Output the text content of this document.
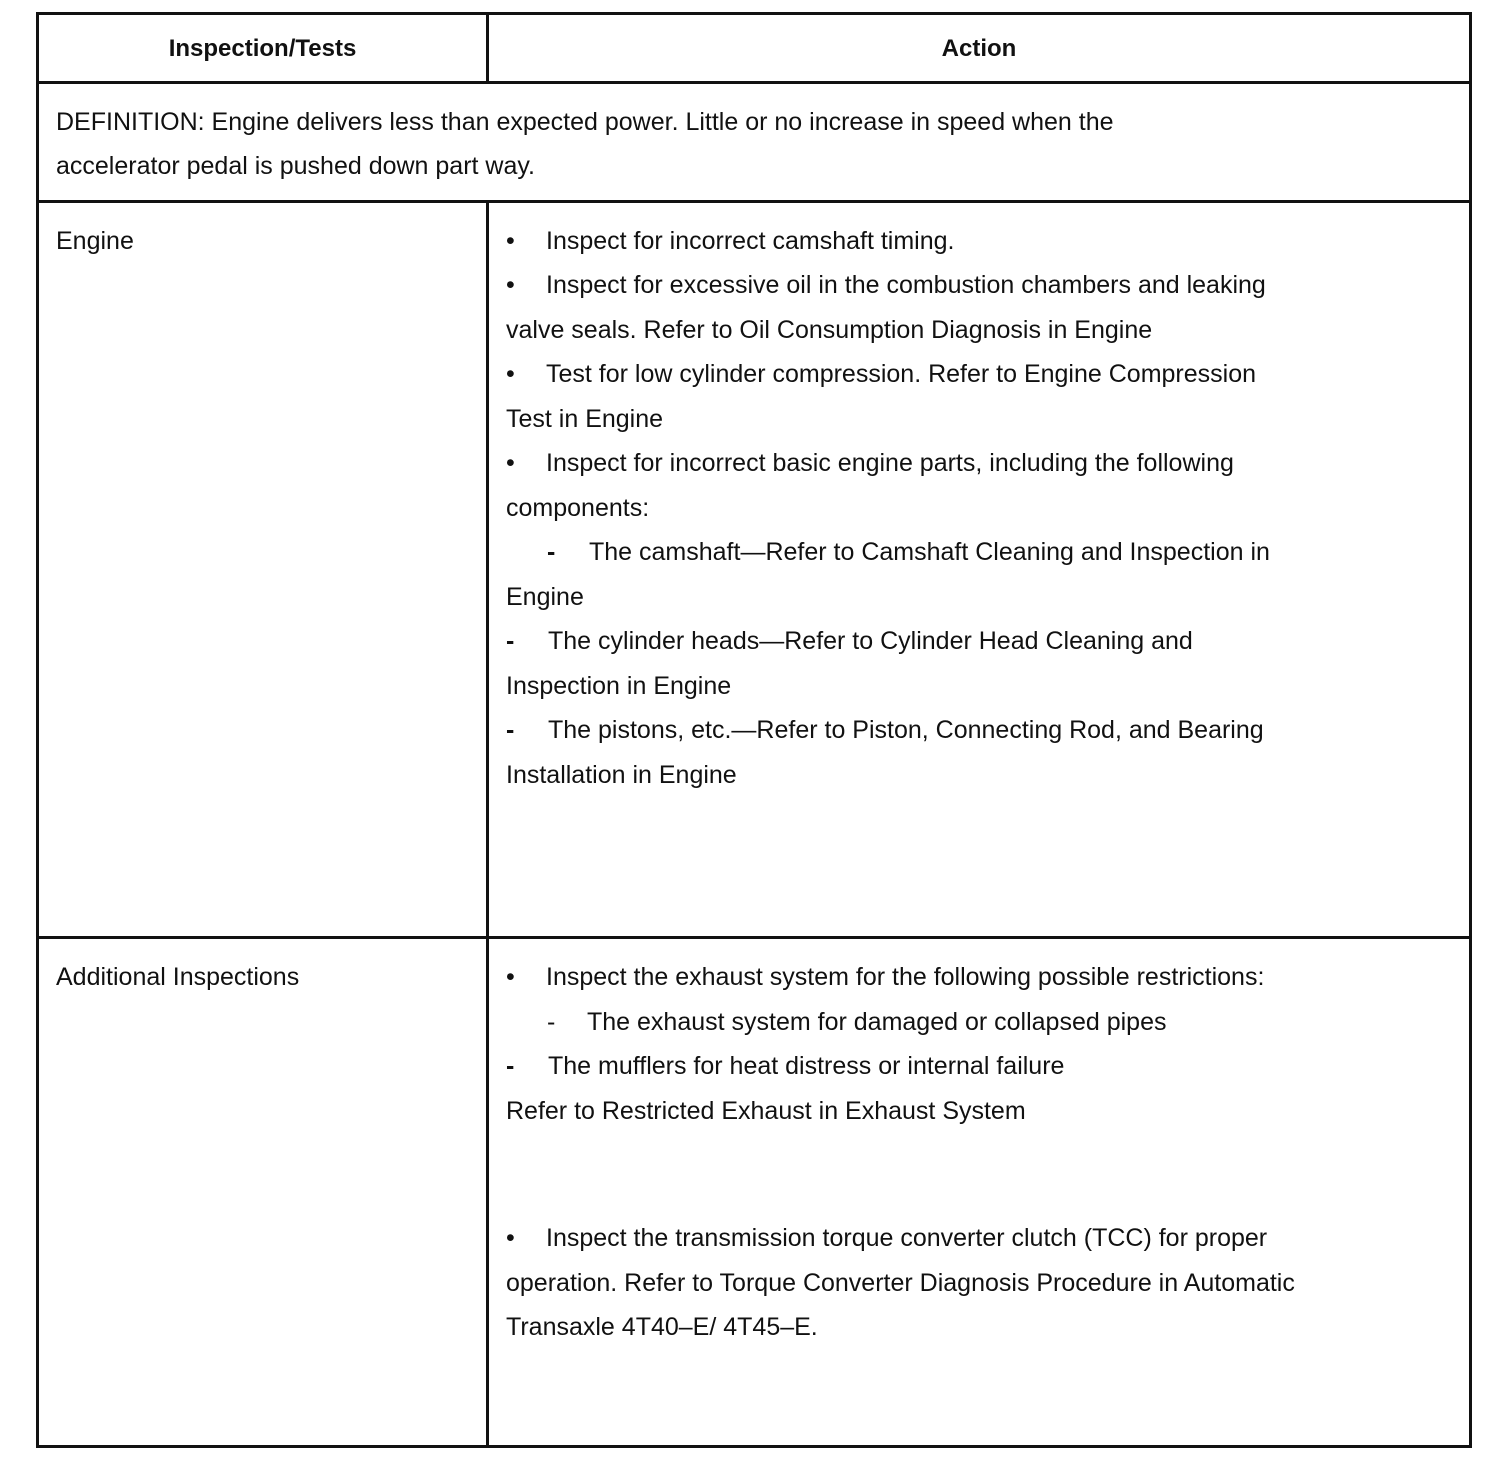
Inspection/Tests	Action
DEFINITION: Engine delivers less than expected power. Little or no increase in speed when the
accelerator pedal is pushed down part way.
Engine	• Inspect for incorrect camshaft timing.
• Inspect for excessive oil in the combustion chambers and leaking
valve seals. Refer to Oil Consumption Diagnosis in Engine
• Test for low cylinder compression. Refer to Engine Compression
Test in Engine
• Inspect for incorrect basic engine parts, including the following
components:
- The camshaft—Refer to Camshaft Cleaning and Inspection in
Engine
- The cylinder heads—Refer to Cylinder Head Cleaning and
Inspection in Engine
- The pistons, etc.—Refer to Piston, Connecting Rod, and Bearing
Installation in Engine
Additional Inspections	• Inspect the exhaust system for the following possible restrictions:
- The exhaust system for damaged or collapsed pipes
- The mufflers for heat distress or internal failure
Refer to Restricted Exhaust in Exhaust System
• Inspect the transmission torque converter clutch (TCC) for proper
operation. Refer to Torque Converter Diagnosis Procedure in Automatic
Transaxle 4T40–E/ 4T45–E.
